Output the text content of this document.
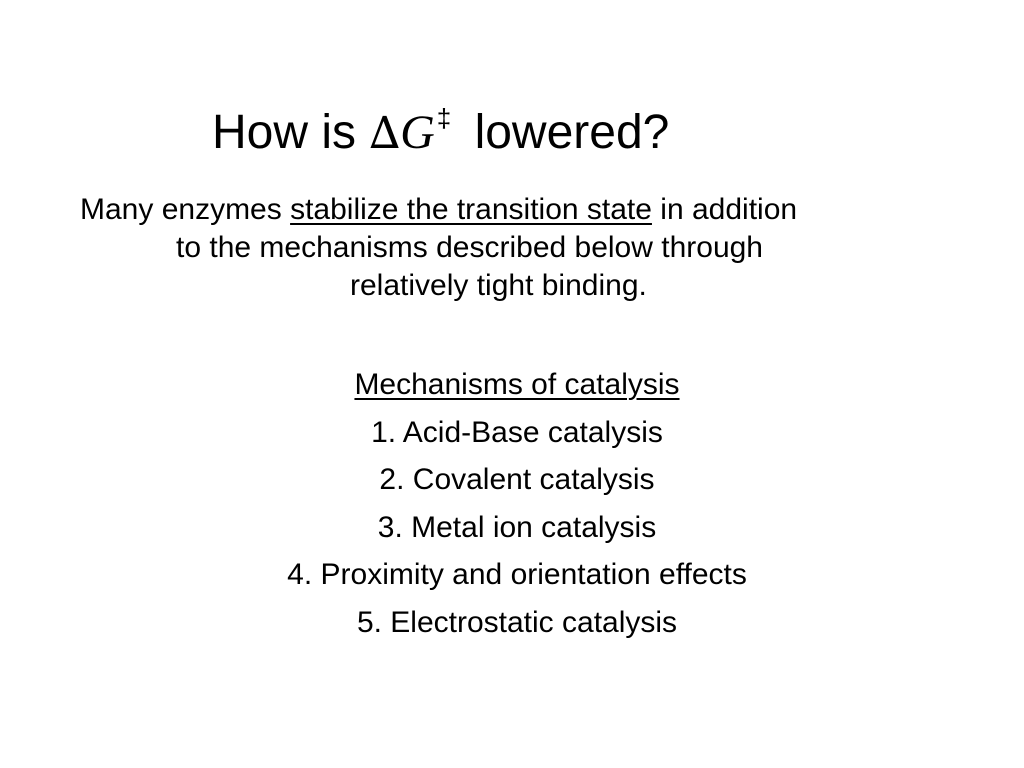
How is ∆G‡ lowered?
Many enzymes stabilize the transition state in addition
to the mechanisms described below through
relatively tight binding.
Mechanisms of catalysis
1. Acid-Base catalysis
2. Covalent catalysis
3. Metal ion catalysis
4. Proximity and orientation effects
5. Electrostatic catalysis
